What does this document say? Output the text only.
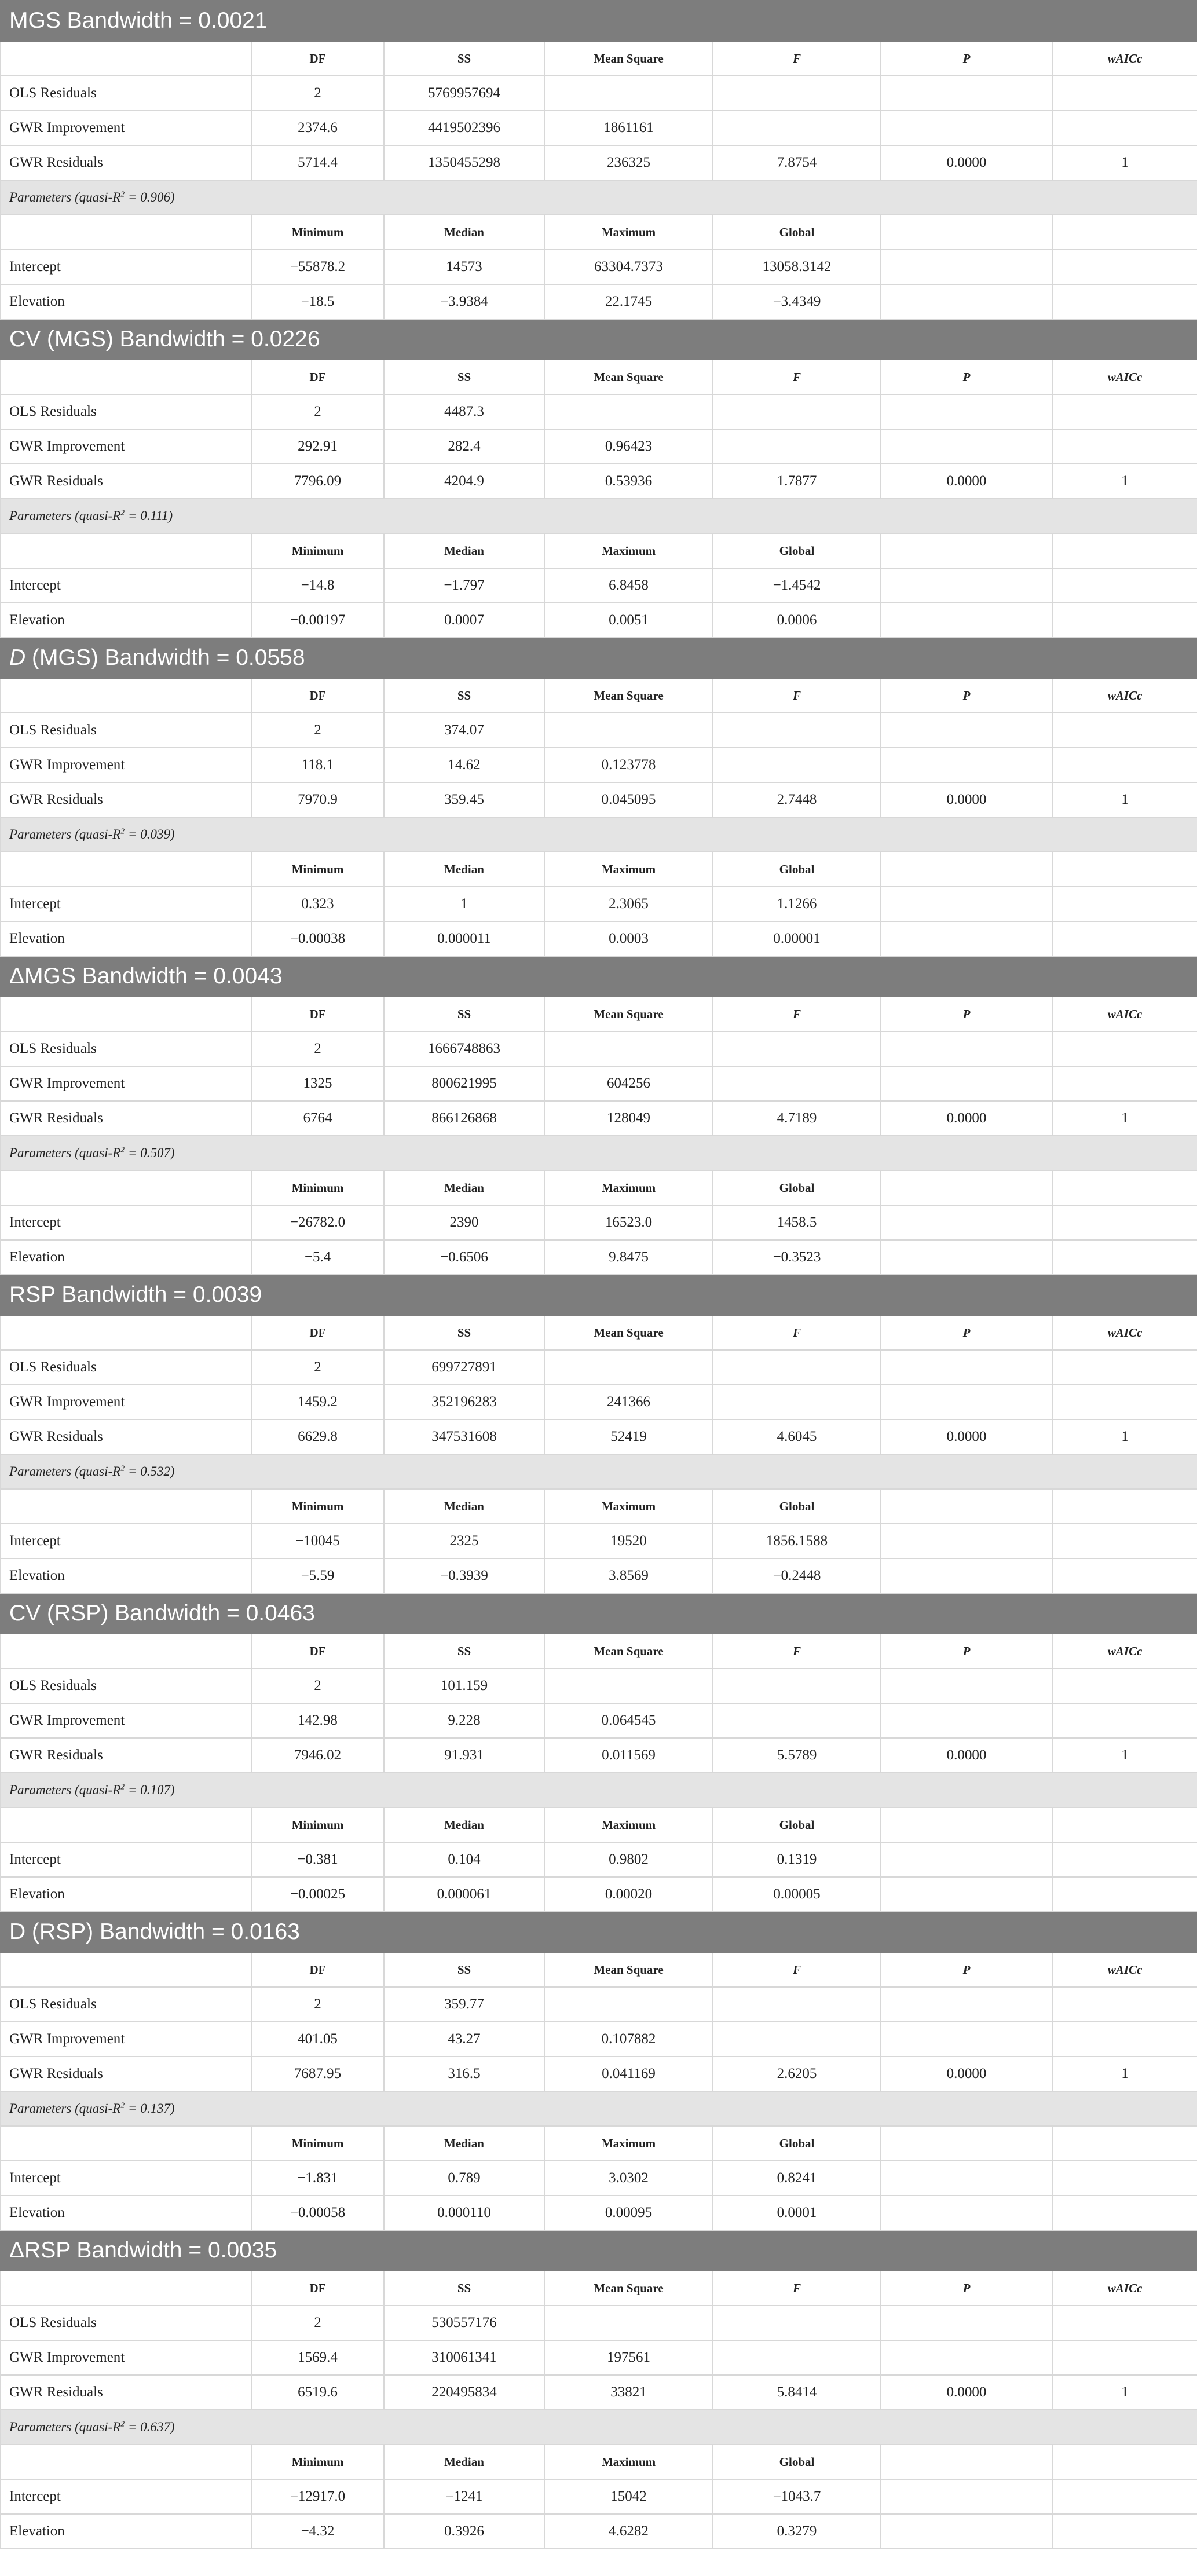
MGS Bandwidth = 0.0021						
	DF	SS	Mean Square	F	P	wAICc
OLS Residuals	2	5769957694				
GWR Improvement	2374.6	4419502396	1861161			
GWR Residuals	5714.4	1350455298	236325	7.8754	0.0000	1
Parameters $(quasi-R^2 = 0.906)$						
	Minimum	Median	Maximum	Global		
Intercept	−55878.2	14573	63304.7373	13058.3142		
Elevation	−18.5	−3.9384	22.1745	−3.4349		
CV (MGS) Bandwidth = 0.0226						
	DF	SS	Mean Square	F	P	wAICc
OLS Residuals	2	4487.3				
GWR Improvement	292.91	282.4	0.96423			
GWR Residuals	7796.09	4204.9	0.53936	1.7877	0.0000	1
Parameters $(quasi-R^2 = 0.111)$						
	Minimum	Median	Maximum	Global		
Intercept	−14.8	−1.797	6.8458	−1.4542		
Elevation	−0.00197	0.0007	0.0051	0.0006		
D (MGS) Bandwidth = 0.0558						
	DF	SS	Mean Square	F	P	wAICc
OLS Residuals	2	374.07				
GWR Improvement	118.1	14.62	0.123778			
GWR Residuals	7970.9	359.45	0.045095	2.7448	0.0000	1
Parameters $(quasi-R^2 = 0.039)$						
	Minimum	Median	Maximum	Global		
Intercept	0.323	1	2.3065	1.1266		
Elevation	−0.00038	0.000011	0.0003	0.00001		
ΔMGS Bandwidth = 0.0043						
	DF	SS	Mean Square	F	P	wAICc
OLS Residuals	2	1666748863				
GWR Improvement	1325	800621995	604256			
GWR Residuals	6764	866126868	128049	4.7189	0.0000	1
Parameters $(quasi-R^2 = 0.507)$						
	Minimum	Median	Maximum	Global		
Intercept	−26782.0	2390	16523.0	1458.5		
Elevation	−5.4	−0.6506	9.8475	−0.3523		
RSP Bandwidth = 0.0039						
	DF	SS	Mean Square	F	P	wAICc
OLS Residuals	2	699727891				
GWR Improvement	1459.2	352196283	241366			
GWR Residuals	6629.8	347531608	52419	4.6045	0.0000	1
Parameters $(quasi-R^2 = 0.532)$						
	Minimum	Median	Maximum	Global		
Intercept	−10045	2325	19520	1856.1588		
Elevation	−5.59	−0.3939	3.8569	−0.2448		
CV (RSP) Bandwidth = 0.0463						
	DF	SS	Mean Square	F	P	wAICc
OLS Residuals	2	101.159				
GWR Improvement	142.98	9.228	0.064545			
GWR Residuals	7946.02	91.931	0.011569	5.5789	0.0000	1
Parameters $(quasi-R^2 = 0.107)$						
	Minimum	Median	Maximum	Global		
Intercept	−0.381	0.104	0.9802	0.1319		
Elevation	−0.00025	0.000061	0.00020	0.00005		
D (RSP) Bandwidth = 0.0163						
	DF	SS	Mean Square	F	P	wAICc
OLS Residuals	2	359.77				
GWR Improvement	401.05	43.27	0.107882			
GWR Residuals	7687.95	316.5	0.041169	2.6205	0.0000	1
Parameters $(quasi-R^2 = 0.137)$						
	Minimum	Median	Maximum	Global		
Intercept	−1.831	0.789	3.0302	0.8241		
Elevation	−0.00058	0.000110	0.00095	0.0001		
ΔRSP Bandwidth = 0.0035						
	DF	SS	Mean Square	F	P	wAICc
OLS Residuals	2	530557176				
GWR Improvement	1569.4	310061341	197561			
GWR Residuals	6519.6	220495834	33821	5.8414	0.0000	1
Parameters $(quasi-R^2 = 0.637)$						
	Minimum	Median	Maximum	Global		
Intercept	−12917.0	−1241	15042	−1043.7		
Elevation	−4.32	0.3926	4.6282	0.3279		
